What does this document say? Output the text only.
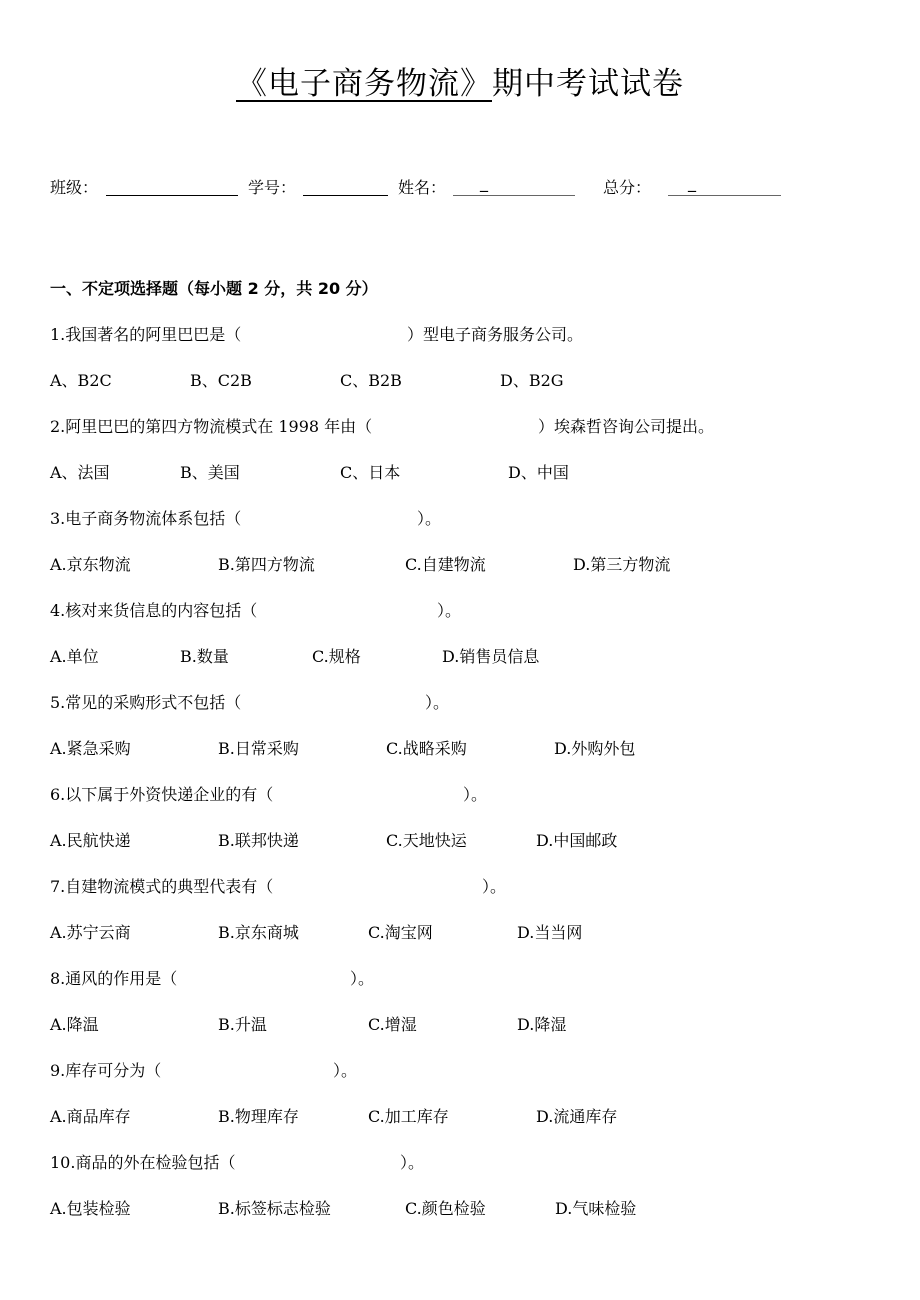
《电子商务物流》期中考试试卷
班级：	学号：	姓名： _	总分： _
一、不定项选择题（每小题 2 分，共 20 分）
1.我国著名的阿里巴巴是（	）型电子商务服务公司。
A、B2C	B、C2B	C、B2B	D、B2G
2.阿里巴巴的第四方物流模式在 1998 年由（	）埃森哲咨询公司提出。
A、法国	B、美国	C、日本	D、中国
3.电子商务物流体系包括（	）。
A.京东物流	B.第四方物流	C.自建物流	D.第三方物流
4.核对来货信息的内容包括（	）。
A.单位	B.数量	C.规格	D.销售员信息
5.常见的采购形式不包括（	）。
A.紧急采购	B.日常采购	C.战略采购	D.外购外包
6.以下属于外资快递企业的有（	）。
A.民航快递	B.联邦快递	C.天地快运	D.中国邮政
7.自建物流模式的典型代表有（	）。
A.苏宁云商	B.京东商城	C.淘宝网	D.当当网
8.通风的作用是（	）。
A.降温	B.升温	C.增湿	D.降湿
9.库存可分为（	）。
A.商品库存	B.物理库存	C.加工库存	D.流通库存
10.商品的外在检验包括（	）。
A.包装检验	B.标签标志检验	C.颜色检验	D.气味检验
